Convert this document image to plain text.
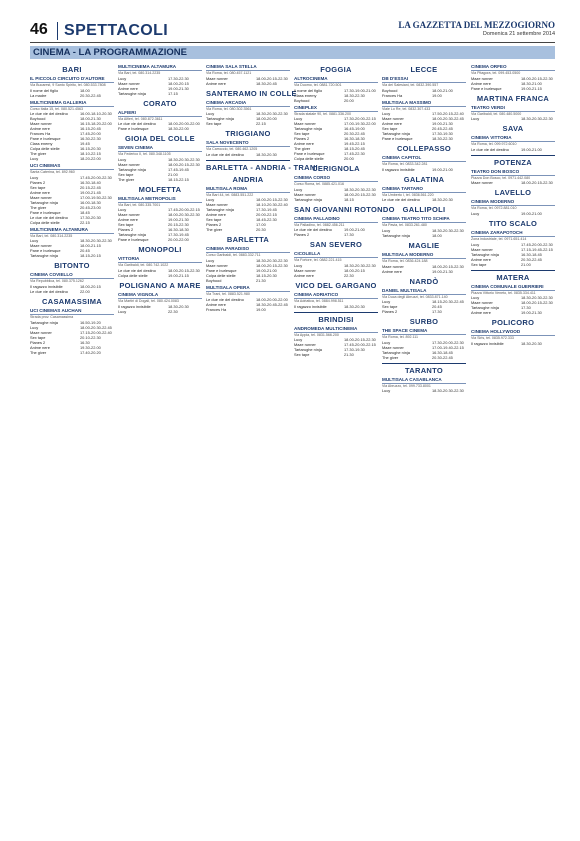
46 SPETTACOLI	LA GAZZETTA DEL MEZZOGIORNO
Domenica 21 settembre 2014
CINEMA - LA PROGRAMMAZIONE
BARI
IL PICCOLO CIRCUITO D'AUTORE
Via Bucarest, 9 Santo Spirito, tel. 080.533.7808
Il nome del figlio	18.00
La madre	20.30-22.45
MULTICINEMA GALLERIA
Corso Italia 15, tel. 080.521.4563
Le due vie del destino	16.00-18.10-20.30
Boyhood	18.00-21.30
Maze runner	16.15-18.20-22.00
Anime nere	16.15-20.45
Frances Ha	17.45-20.00
Pane e burlesque	16.30-22.30
Class enemy	19.45
Colpa delle stelle	16.15-20.30
The giver	18.10-22.15
Lucy	18.20-22.00
UCI CINEMAS
Santa Caterina, tel. 892.960
Lucy	17.45-20.00-22.30
Planes 2	16.30-18.40
Sex tape	20.15-22.45
Anime nere	19.00-21.45
Maze runner	17.00-19.50-22.30
Tartarughe ninja	16.00-18.30
The giver	20.45-23.00
Pane e burlesque	18.45
Le due vie del destino	17.30-20.30
Colpa delle stelle	22.15
MULTICINEMA ALTAMURA
Via Bari, tel. 080.314.2235
Lucy	18.30-20.30-22.30
Maze runner	18.00-21.15
Pane e burlesque	20.45
Tartarughe ninja	18.15-20.15
BITONTO
CINEMA COVIELLO
Via Repubblica, tel. 080.375.1262
Il ragazzo invisibile	18.00-20.15
Le due vie del destino	22.00
CASAMASSIMA
UCI CINEMAS AUCHAN
Strada prov. Casamassima
Tartarughe ninja	16.50-19.20
Lucy	18.00-20.30-22.45
Maze runner	17.15-20.00-22.40
Sex tape	20.10-22.30
Planes 2	16.30
Anime nere	19.30-22.00
The giver	17.40-20.20
MULTICINEMA ALTAMURA
Via Bari, tel. 080.314.2235
Lucy	17.30-22.30
Maze runner	18.00-20.15
Anime nere	19.00-21.30
Tartarughe ninja	17.15
CORATO
ALFIERI
Via Alfieri, tel. 080.872.3611
Le due vie del destino	18.00-20.00-22.00
Pane e burlesque	18.30-22.00
GIOIA DEL COLLE
SEVEN CINEMA
Via Federico II, tel. 080.348.1105
Lucy	18.30-20.30-22.30
Maze runner	18.00-20.15-22.30
Tartarughe ninja	17.45-19.45
Sex tape	21.00
The giver	18.15-22.15
MOLFETTA
MULTISALA METROPOLIS
Via Bari, tel. 080.335.7001
Lucy	17.45-20.00-22.15
Maze runner	18.00-20.30-22.30
Anime nere	19.00-21.30
Sex tape	20.15-22.30
Planes 2	16.30-18.30
Tartarughe ninja	17.30-19.45
Pane e burlesque	20.00-22.00
MONOPOLI
VITTORIA
Via Garibaldi, tel. 080.742.1022
Le due vie del destino	18.00-20.15-22.30
Colpa delle stelle	19.00-21.15
POLIGNANO A MARE
CINEMA VIGNOLA
Via Martiri di Dogali, tel. 080.424.0083
Il ragazzo invisibile	18.30-20.30
Lucy	22.30
CINEMA SALA STELLA
Via Roma, tel. 080.457.1121
Maze runner	18.00-20.15-22.30
Anime nere	18.30-20.45
SANTERAMO IN COLLE
CINEMA ARCADIA
Via Roma, tel. 080.302.3561
Lucy	18.30-20.30-22.30
Tartarughe ninja	18.00-20.00
Sex tape	22.15
TRIGGIANO
SALA NOVECENTO
Via Carroccio, tel. 080.462.1205
Le due vie del destino	18.30-20.30
BARLETTA - ANDRIA - TRANI
ANDRIA
MULTISALA ROMA
Via Bari 44, tel. 0883.551.222
Lucy	18.00-20.15-22.30
Maze runner	18.10-20.30-22.40
Tartarughe ninja	17.30-19.45
Anime nere	20.00-22.15
Sex tape	18.45-22.30
Planes 2	17.00
The giver	20.30
BARLETTA
CINEMA PARADISO
Corso Garibaldi, tel. 0883.332.711
Lucy	18.30-20.30-22.30
Maze runner	18.00-20.15-22.30
Pane e burlesque	19.00-21.00
Colpa delle stelle	18.15-20.30
Boyhood	21.30
MULTISALA OPERA
Via Trani, tel. 0883.521.980
Le due vie del destino	18.00-20.00-22.00
Anime nere	18.30-20.45-22.45
Frances Ha	19.00
FOGGIA
ALTROCINEMA
Via Duomo, tel. 0881.720.501
Il nome del figlio	17.30-19.00-21.00
Class enemy	18.30-22.30
Boyhood	20.00
CINEPLEX
Strada statale 90, tel. 0881.336.200
Lucy	17.30-20.00-22.15
Maze runner	17.00-19.30-22.00
Tartarughe ninja	16.45-19.00
Sex tape	20.30-22.45
Planes 2	16.30-18.30
Anime nere	19.45-22.15
The giver	18.15-20.45
Pane e burlesque	17.45-22.30
Colpa delle stelle	20.00
CERIGNOLA
CINEMA CORSO
Corso Roma, tel. 0885.421.016
Lucy	18.30-20.30-22.30
Maze runner	18.00-20.15-22.30
Tartarughe ninja	18.15
SAN GIOVANNI ROTONDO
CINEMA PALLADINO
Via Palladino, tel. 0882.456.211
Le due vie del destino	19.00-21.00
Planes 2	17.30
SAN SEVERO
CICOLELLA
Via Fortore, tel. 0882.221.415
Lucy	18.30-20.30-22.30
Maze runner	18.00-20.15
Anime nere	22.30
VICO DEL GARGANO
CINEMA ADRIATICO
Via Adriatica, tel. 0884.998.511
Il ragazzo invisibile	18.30-20.30
BRINDISI
ANDROMEDA MULTICINEMA
Via Appia, tel. 0831.566.200
Lucy	18.00-20.15-22.30
Maze runner	17.45-20.00-22.15
Tartarughe ninja	17.30-19.30
Sex tape	21.30
LECCE
DB D'ESSAI
Via dei Salesiani, tel. 0832.390.557
Boyhood	18.00-21.00
Frances Ha	19.00
MULTISALA MASSIMO
Viale Lo Re, tel. 0832.307.433
Lucy	17.50-20.15-22.40
Maze runner	18.00-20.30-22.45
Anime nere	19.00-21.30
Sex tape	20.45-22.45
Tartarughe ninja	17.30-19.30
Pane e burlesque	18.30-22.30
COLLEPASSO
CINEMA CAPITOL
Via Roma, tel. 0833.342.281
Il ragazzo invisibile	19.00-21.00
GALATINA
CINEMA TARTARO
Via Umberto I, tel. 0836.561.220
Le due vie del destino	18.30-20.30
GALLIPOLI
CINEMA TEATRO TITO SCHIPA
Via Pavia, tel. 0833.261.480
Lucy	18.30-20.30-22.30
Tartarughe ninja	18.00
MAGLIE
MULTISALA MODERNO
Via Roma, tel. 0836.424.188
Maze runner	18.00-20.15-22.30
Anime nere	19.00-21.30
NARDÒ
DANIEL MULTISALA
Via Duca degli Abruzzi, tel. 0833.871.140
Lucy	18.15-20.30-22.45
Sex tape	20.45
Planes 2	17.30
SURBO
THE SPACE CINEMA
Via Roma, tel. 892.111
Lucy	17.30-20.00-22.30
Maze runner	17.00-19.40-22.15
Tartarughe ninja	16.30-18.45
The giver	20.30-22.45
TARANTO
MULTISALA CASABLANCA
Via Abruzzo, tel. 099.733.8001
Lucy	18.30-20.30-22.30
CINEMA ORFEO
Via Pitagora, tel. 099.453.0500
Maze runner	18.00-20.15-22.30
Anime nere	18.30-21.00
Pane e burlesque	19.00-21.15
MARTINA FRANCA
TEATRO VERDI
Via Garibaldi, tel. 080.480.5000
Lucy	18.30-20.30-22.30
SAVA
CINEMA VITTORIA
Via Roma, tel. 099.972.6010
Le due vie del destino	19.00-21.00
POTENZA
TEATRO DON BOSCO
Piazza Don Bosco, tel. 0971.442.080
Maze runner	18.00-20.15-22.30
LAVELLO
CINEMA MODERNO
Via Roma, tel. 0972.881.010
Lucy	19.00-21.00
TITO SCALO
CINEMA ZARAPOTOCH
Zona industriale, tel. 0971.651.414
Lucy	17.45-20.00-22.30
Maze runner	17.15-19.45-22.15
Tartarughe ninja	16.30-18.45
Anime nere	20.30-22.45
Sex tape	21.00
MATERA
CINEMA COMUNALE GUERRIERI
Piazza Vittorio Veneto, tel. 0835.334.411
Lucy	18.30-20.30-22.30
Maze runner	18.00-20.15-22.30
Tartarughe ninja	17.30
Anime nere	19.00-21.30
POLICORO
CINEMA HOLLYWOOD
Via Siris, tel. 0835.972.333
Il ragazzo invisibile	18.30-20.30
